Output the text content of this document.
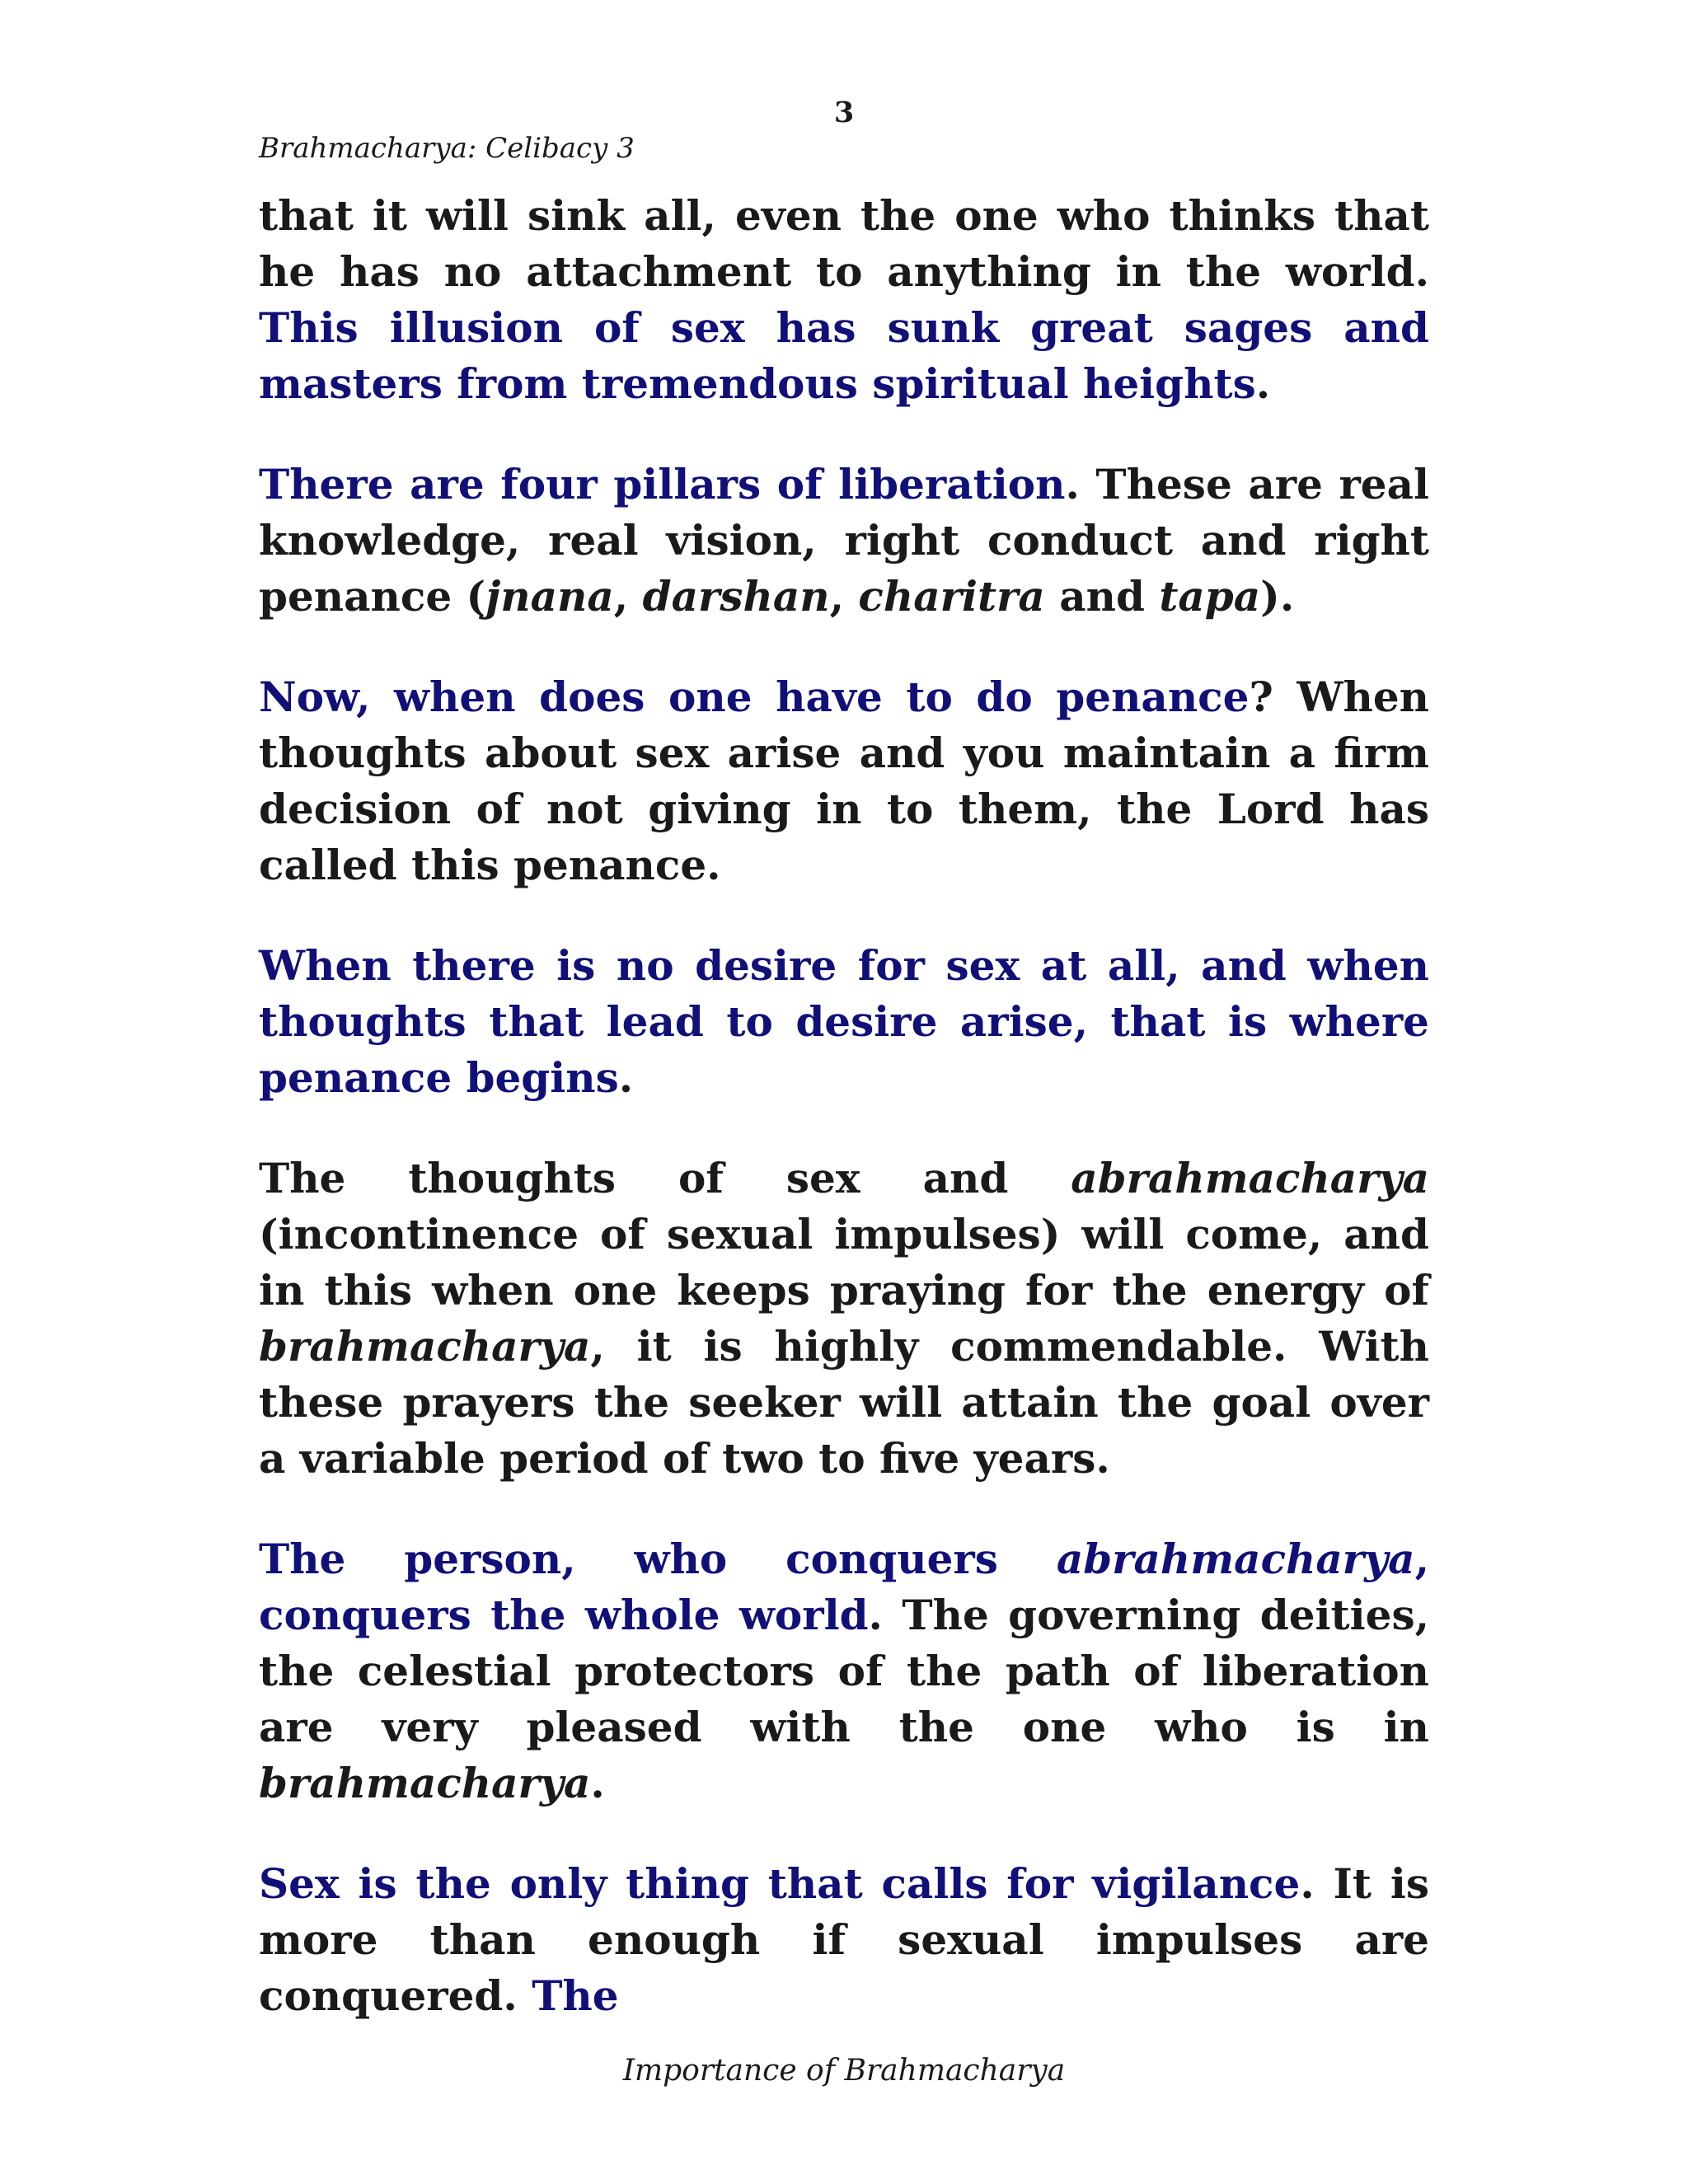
3
Brahmacharya: Celibacy 3

that it will sink all, even the one who thinks that he has no attachment to anything in the world. This illusion of sex has sunk great sages and masters from tremendous spiritual heights.

There are four pillars of liberation. These are real knowledge, real vision, right conduct and right penance (jnana, darshan, charitra and tapa).

Now, when does one have to do penance? When thoughts about sex arise and you maintain a firm decision of not giving in to them, the Lord has called this penance.

When there is no desire for sex at all, and when thoughts that lead to desire arise, that is where penance begins.

The thoughts of sex and abrahmacharya (incontinence of sexual impulses) will come, and in this when one keeps praying for the energy of brahmacharya, it is highly commendable. With these prayers the seeker will attain the goal over a variable period of two to five years.

The person, who conquers abrahmacharya, conquers the whole world. The governing deities, the celestial protectors of the path of liberation are very pleased with the one who is in brahmacharya.

Sex is the only thing that calls for vigilance. It is more than enough if sexual impulses are conquered. The

Importance of Brahmacharya
